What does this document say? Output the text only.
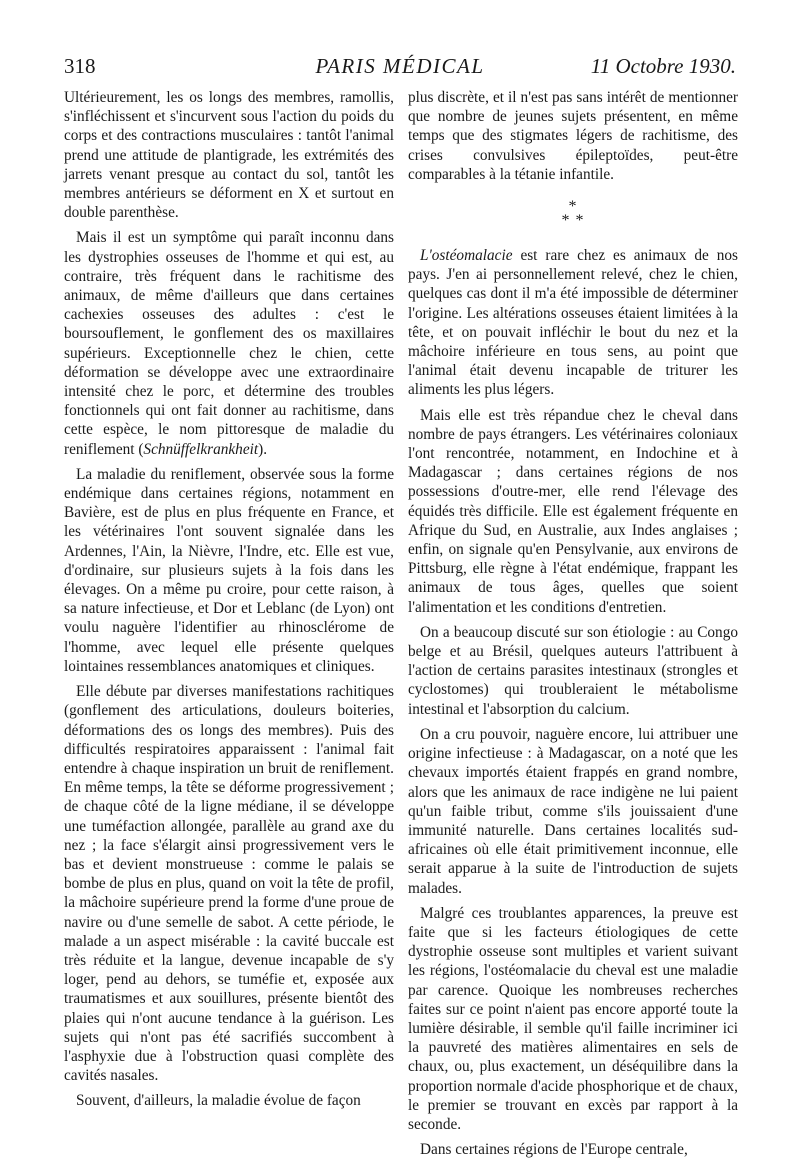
318	PARIS MÉDICAL	11 Octobre 1930.

Ultérieurement, les os longs des membres, ramollis, s'infléchissent et s'incurvent sous l'action du poids du corps et des contractions musculaires : tantôt l'animal prend une attitude de plantigrade, les extrémités des jarrets venant presque au contact du sol, tantôt les membres antérieurs se déforment en X et surtout en double parenthèse.

Mais il est un symptôme qui paraît inconnu dans les dystrophies osseuses de l'homme et qui est, au contraire, très fréquent dans le rachitisme des animaux, de même d'ailleurs que dans certaines cachexies osseuses des adultes : c'est le boursouflement, le gonflement des os maxillaires supérieurs. Exceptionnelle chez le chien, cette déformation se développe avec une extraordinaire intensité chez le porc, et détermine des troubles fonctionnels qui ont fait donner au rachitisme, dans cette espèce, le nom pittoresque de maladie du reniflement (Schnüffelkrankheit).

La maladie du reniflement, observée sous la forme endémique dans certaines régions, notamment en Bavière, est de plus en plus fréquente en France, et les vétérinaires l'ont souvent signalée dans les Ardennes, l'Ain, la Nièvre, l'Indre, etc. Elle est vue, d'ordinaire, sur plusieurs sujets à la fois dans les élevages. On a même pu croire, pour cette raison, à sa nature infectieuse, et Dor et Leblanc (de Lyon) ont voulu naguère l'identifier au rhinosclérome de l'homme, avec lequel elle présente quelques lointaines ressemblances anatomiques et cliniques.

Elle débute par diverses manifestations rachitiques (gonflement des articulations, douleurs boiteries, déformations des os longs des membres). Puis des difficultés respiratoires apparaissent : l'animal fait entendre à chaque inspiration un bruit de reniflement. En même temps, la tête se déforme progressivement ; de chaque côté de la ligne médiane, il se développe une tuméfaction allongée, parallèle au grand axe du nez ; la face s'élargit ainsi progressivement vers le bas et devient monstrueuse : comme le palais se bombe de plus en plus, quand on voit la tête de profil, la mâchoire supérieure prend la forme d'une proue de navire ou d'une semelle de sabot. A cette période, le malade a un aspect misérable : la cavité buccale est très réduite et la langue, devenue incapable de s'y loger, pend au dehors, se tuméfie et, exposée aux traumatismes et aux souillures, présente bientôt des plaies qui n'ont aucune tendance à la guérison. Les sujets qui n'ont pas été sacrifiés succombent à l'asphyxie due à l'obstruction quasi complète des cavités nasales.

Souvent, d'ailleurs, la maladie évolue de façon

plus discrète, et il n'est pas sans intérêt de mentionner que nombre de jeunes sujets présentent, en même temps que des stigmates légers de rachitisme, des crises convulsives épileptoïdes, peut-être comparables à la tétanie infantile.

*
* *

L'ostéomalacie est rare chez es animaux de nos pays. J'en ai personnellement relevé, chez le chien, quelques cas dont il m'a été impossible de déterminer l'origine. Les altérations osseuses étaient limitées à la tête, et on pouvait infléchir le bout du nez et la mâchoire inférieure en tous sens, au point que l'animal était devenu incapable de triturer les aliments les plus légers.

Mais elle est très répandue chez le cheval dans nombre de pays étrangers. Les vétérinaires coloniaux l'ont rencontrée, notamment, en Indochine et à Madagascar ; dans certaines régions de nos possessions d'outre-mer, elle rend l'élevage des équidés très difficile. Elle est également fréquente en Afrique du Sud, en Australie, aux Indes anglaises ; enfin, on signale qu'en Pensylvanie, aux environs de Pittsburg, elle règne à l'état endémique, frappant les animaux de tous âges, quelles que soient l'alimentation et les conditions d'entretien.

On a beaucoup discuté sur son étiologie : au Congo belge et au Brésil, quelques auteurs l'attribuent à l'action de certains parasites intestinaux (strongles et cyclostomes) qui troubleraient le métabolisme intestinal et l'absorption du calcium.

On a cru pouvoir, naguère encore, lui attribuer une origine infectieuse : à Madagascar, on a noté que les chevaux importés étaient frappés en grand nombre, alors que les animaux de race indigène ne lui paient qu'un faible tribut, comme s'ils jouissaient d'une immunité naturelle. Dans certaines localités sud-africaines où elle était primitivement inconnue, elle serait apparue à la suite de l'introduction de sujets malades.

Malgré ces troublantes apparences, la preuve est faite que si les facteurs étiologiques de cette dystrophie osseuse sont multiples et varient suivant les régions, l'ostéomalacie du cheval est une maladie par carence. Quoique les nombreuses recherches faites sur ce point n'aient pas encore apporté toute la lumière désirable, il semble qu'il faille incriminer ici la pauvreté des matières alimentaires en sels de chaux, ou, plus exactement, un déséquilibre dans la proportion normale d'acide phosphorique et de chaux, le premier se trouvant en excès par rapport à la seconde.

Dans certaines régions de l'Europe centrale,
